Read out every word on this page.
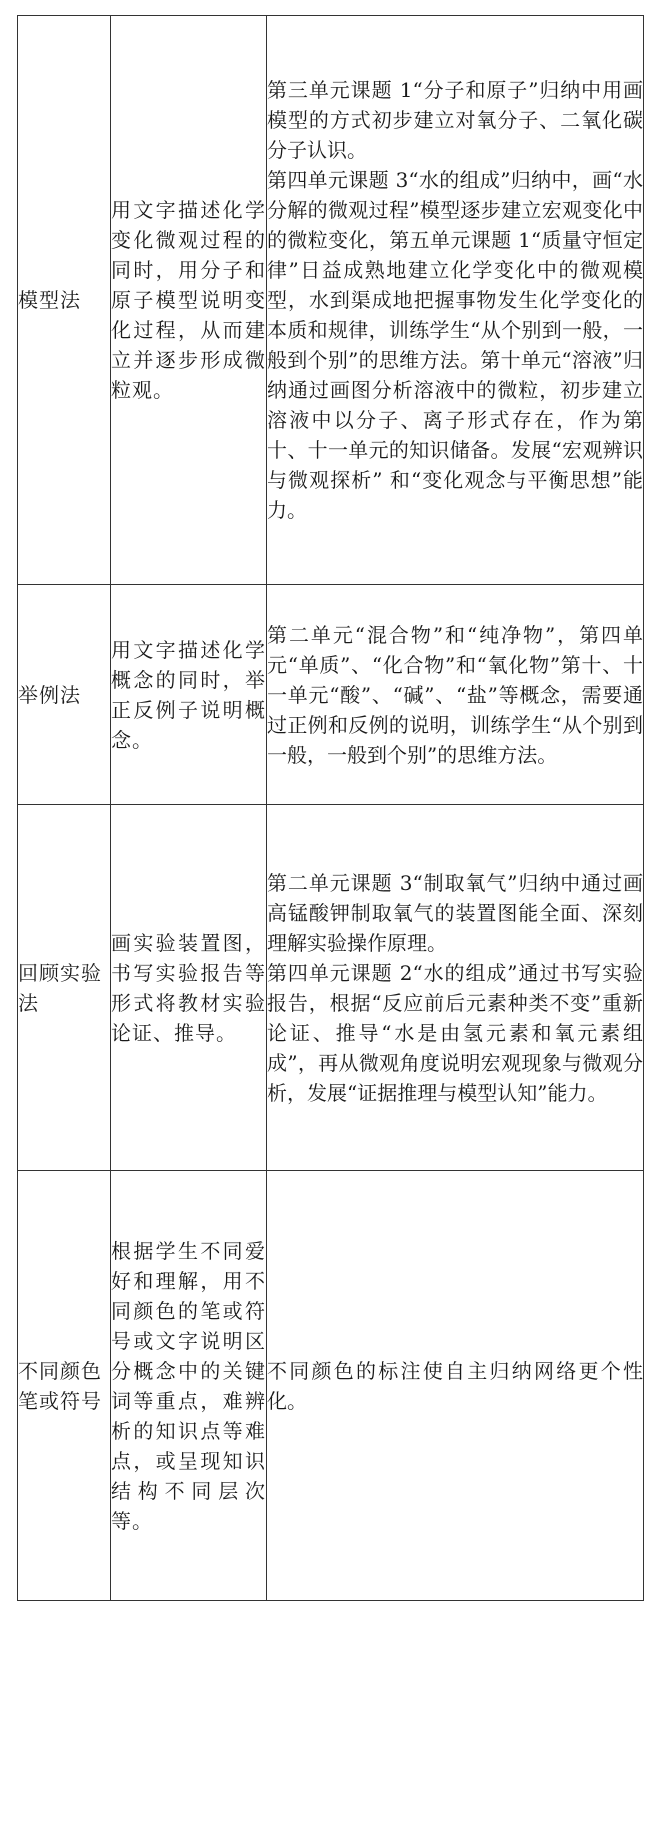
模型法	用文字描述化学变化微观过程的同时，用分子和原子模型说明变化过程，从而建立并逐步形成微粒观。	第三单元课题 1“分子和原子”归纳中用画模型的方式初步建立对氧分子、二氧化碳分子认识。
第四单元课题 3“水的组成”归纳中，画“水分解的微观过程”模型逐步建立宏观变化中的微粒变化，第五单元课题 1“质量守恒定律”日益成熟地建立化学变化中的微观模型，水到渠成地把握事物发生化学变化的本质和规律，训练学生“从个别到一般，一般到个别”的思维方法。第十单元“溶液”归纳通过画图分析溶液中的微粒，初步建立溶液中以分子、离子形式存在，作为第十、十一单元的知识储备。发展“宏观辨识与微观探析” 和“变化观念与平衡思想”能力。

举例法	用文字描述化学概念的同时，举正反例子说明概念。	第二单元“混合物”和“纯净物”，第四单元“单质”、“化合物”和“氧化物”第十、十一单元“酸”、“碱”、“盐”等概念，需要通过正例和反例的说明，训练学生“从个别到一般，一般到个别”的思维方法。

回顾实验法	画实验装置图，书写实验报告等形式将教材实验论证、推导。	第二单元课题 3“制取氧气”归纳中通过画高锰酸钾制取氧气的装置图能全面、深刻理解实验操作原理。
第四单元课题 2“水的组成”通过书写实验报告，根据“反应前后元素种类不变”重新论证、推导“水是由氢元素和氧元素组成”，再从微观角度说明宏观现象与微观分析，发展“证据推理与模型认知”能力。

不同颜色笔或符号	根据学生不同爱好和理解，用不同颜色的笔或符号或文字说明区分概念中的关键词等重点，难辨析的知识点等难点，或呈现知识结构不同层次等。	不同颜色的标注使自主归纳网络更个性化。
